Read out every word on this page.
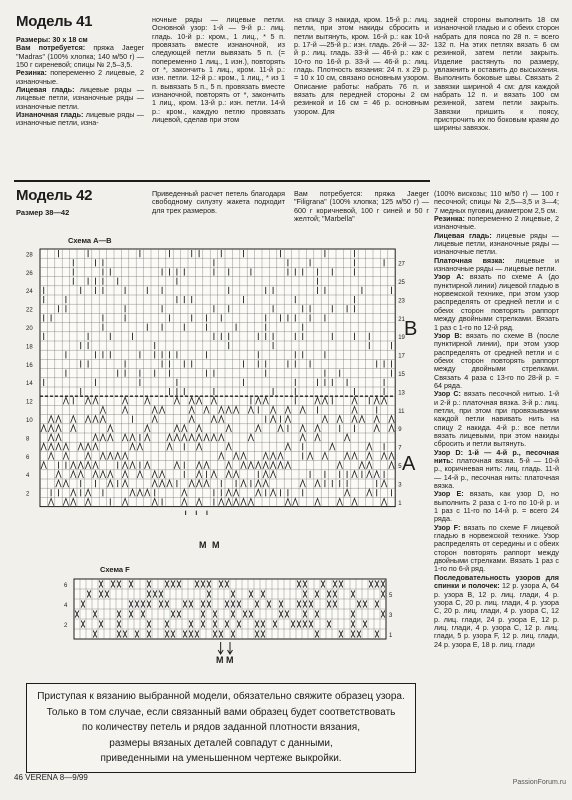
Модель 41

Размеры: 30 х 18 см

Вам потребуется: пряжа Jaeger "Madras" (100% хлопка; 140 м/50 г) — 150 г сиреневой; спицы № 2,5–3,5.

Резинка: попеременно 2 лицевые, 2 изнаночные.

Лицевая гладь: лицевые ряды — лицевые петли, изнаночные ряды — изнаночные петли.

Изнаночная гладь: лицевые ряды — изнаночные петли, изна-

ночные ряды — лицевые петли. Основной узор: 1-й — 9-й р.: лиц. гладь. 10-й р.: кром., 1 лиц., * 5 п. провязать вместе изнаночной, из следующей петли вывязать 5 п. (= попеременно 1 лиц., 1 изн.), повторять от *, закончить 1 лиц., кром. 11-й р.: изн. петли. 12-й р.: кром., 1 лиц., * из 1 п. вывязать 5 п., 5 п. провязать вместе изнаночной, повторять от *, закончить 1 лиц., кром. 13-й р.: изн. петли. 14-й р.: кром., каждую петлю провязать лицевой, сделав при этом
на спицу 3 накида, кром. 15-й р.: лиц. петли, при этом накиды сбросить и петли вытянуть, кром. 16-й р.: как 10-й р. 17-й —25-й р.: изн. гладь. 26-й — 32-й р.: лиц. гладь. 33-й — 46-й р.: как с 10-го по 16-й р. 33-й — 46-й р.: лиц. гладь. Плотность вязания: 24 п. х 29 р. = 10 х 10 см, связано основным узором. Описание работы: набрать 76 п. и вязать для передней стороны 2 см резинкой и 16 см = 46 р. основным узором. Для
задней стороны выполнить 18 см изнаночной гладью и с обеих сторон набрать для пояса по 28 п. = всего 132 п. На этих петлях вязать 6 см резинкой, затем петли закрыть. Изделие растянуть по размеру, увлажнить и оставить до высыхания. Выполнить боковые швы. Связать 2 завязки шириной 4 см: для каждой набрать 12 п. и вязать 100 см резинкой, затем петли закрыть. Завязки пришить к поясу, пристрочить их по боковым краям до ширины завязок.
Модель 42
Размер 38—42
Приведенный расчет петель благодаря свободному силуэту жакета подходит для трех размеров.
Вам потребуется: пряжа Jaeger "Filigrana" (100% хлопка; 125 м/50 г) — 600 г коричневой, 100 г синей и 50 г желтой; "Marbella"

(100% вискозы; 110 м/50 г) — 100 г песочной; спицы № 2,5—3,5 и 3—4; 7 медных пуговиц диаметром 2,5 см.

Резинка: попеременно 2 лицевые, 2 изнаночные.

Лицевая гладь: лицевые ряды — лицевые петли, изнаночные ряды — изнаночные петли.

Платочная вязка: лицевые и изнаночные ряды — лицевые петли.

Узор А: вязать по схеме А (до пунктирной линии) лицевой гладью в норвежской технике, при этом узор распределять от средней петли и с обеих сторон повторять раппорт между двойными стрелками. Вязать 1 раз с 1-го по 12-й ряд.

Узор В: вязать по схеме В (после пунктирной линии), при этом узор распределять от средней петли и с обеих сторон повторять раппорт между двойными стрелками. Связать 4 раза с 13-го по 28-й р. = 64 ряда.

Узор С: вязать песочной нитью. 1-й и 2-й р.: платочная вязка. 3-й р.: лиц. петли, при этом при провязывании каждой петли навивать нить на спицу 2 накида. 4-й р.: все петли вязать лицевыми, при этом накиды сбросить и петли вытянуть.

Узор D: 1-й — 4-й р., песочная нить: платочная вязка. 5-й — 10-й р., коричневая нить: лиц. гладь. 11-й — 14-й р., песочная нить: платочная вязка.

Узор Е: вязать, как узор D, но выполнить 2 раза с 1-го по 10-й р. и 1 раз с 11-го по 14-й р. = всего 24 ряда.

Узор F: вязать по схеме F лицевой гладью в норвежской технике. Узор распределять от середины и с обеих сторон повторять раппорт между двойными стрелками. Вязать 1 раз с 1-го по 6-й ряд.

Последовательность узоров для спинки и полочек: 12 р. узора А, 64 р. узора В, 12 р. лиц. глади, 4 р. узора С, 20 р. лиц. глади, 4 р. узора С, 20 р. лиц. глади, 4 р. узора С, 12 р. лиц. глади, 24 р. узора Е, 12 р. лиц. глади, 4 р. узора С, 12 р. лиц. глади, 5 р. узора F, 12 р. лиц. глади, 24 р. узора Е, 18 р. лиц. глади

Схема А—В
28
26
24
22
20
18
16
14
12
10
8
6
4
2
27
25
23
21
19
17
15
13
11
9
7
5
3
1
B
A
M M
Схема F
6
4
2
5
3
1
M M

Приступая к вязанию выбранной модели, обязательно свяжите образец узора.

Только в том случае, если связанный вами образец будет соответствовать

по количеству петель и рядов заданной плотности вязания,

размеры вязаных деталей совпадут с данными,

приведенными на уменьшенном чертеже выкройки.

46 VERENA 8—9/99
PassionForum.ru
